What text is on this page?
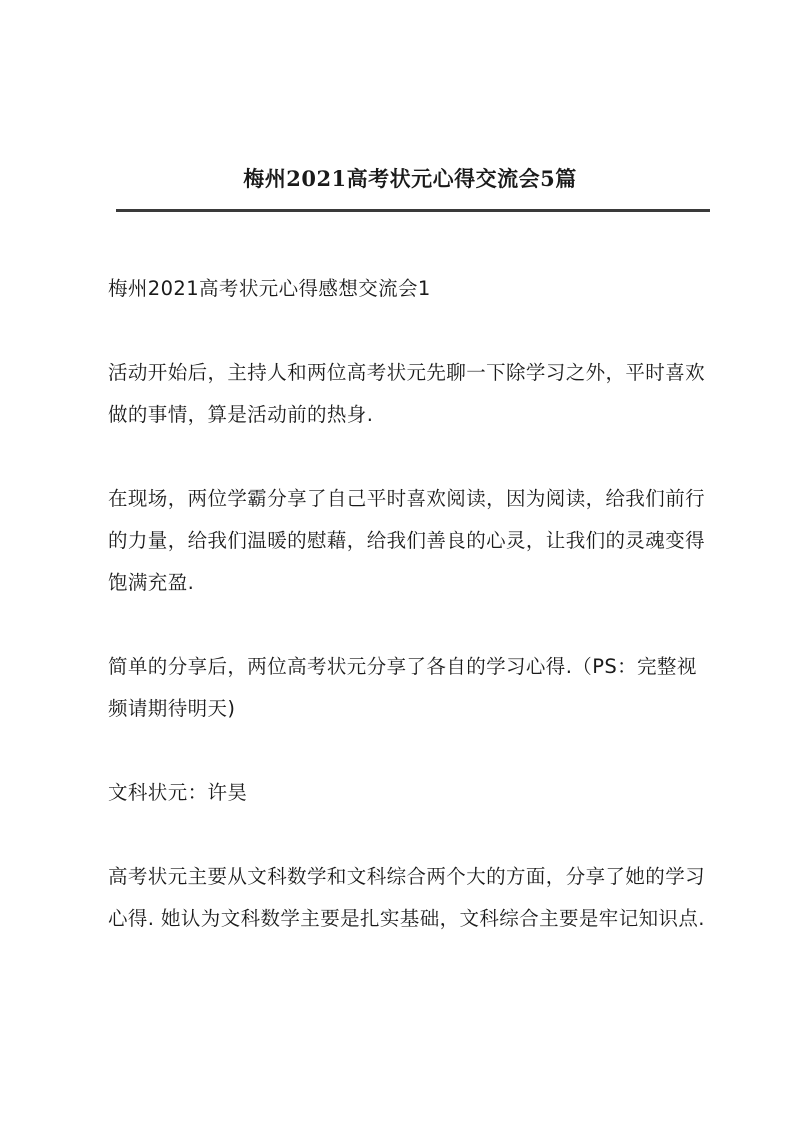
梅州2021高考状元心得交流会5篇

梅州2021高考状元心得感想交流会1

活动开始后，主持人和两位高考状元先聊一下除学习之外，平时喜欢做的事情，算是活动前的热身.

在现场，两位学霸分享了自己平时喜欢阅读，因为阅读，给我们前行的力量，给我们温暖的慰藉，给我们善良的心灵，让我们的灵魂变得饱满充盈.

简单的分享后，两位高考状元分享了各自的学习心得.（PS：完整视频请期待明天)

文科状元：许昊

高考状元主要从文科数学和文科综合两个大的方面，分享了她的学习心得. 她认为文科数学主要是扎实基础，文科综合主要是牢记知识点.
